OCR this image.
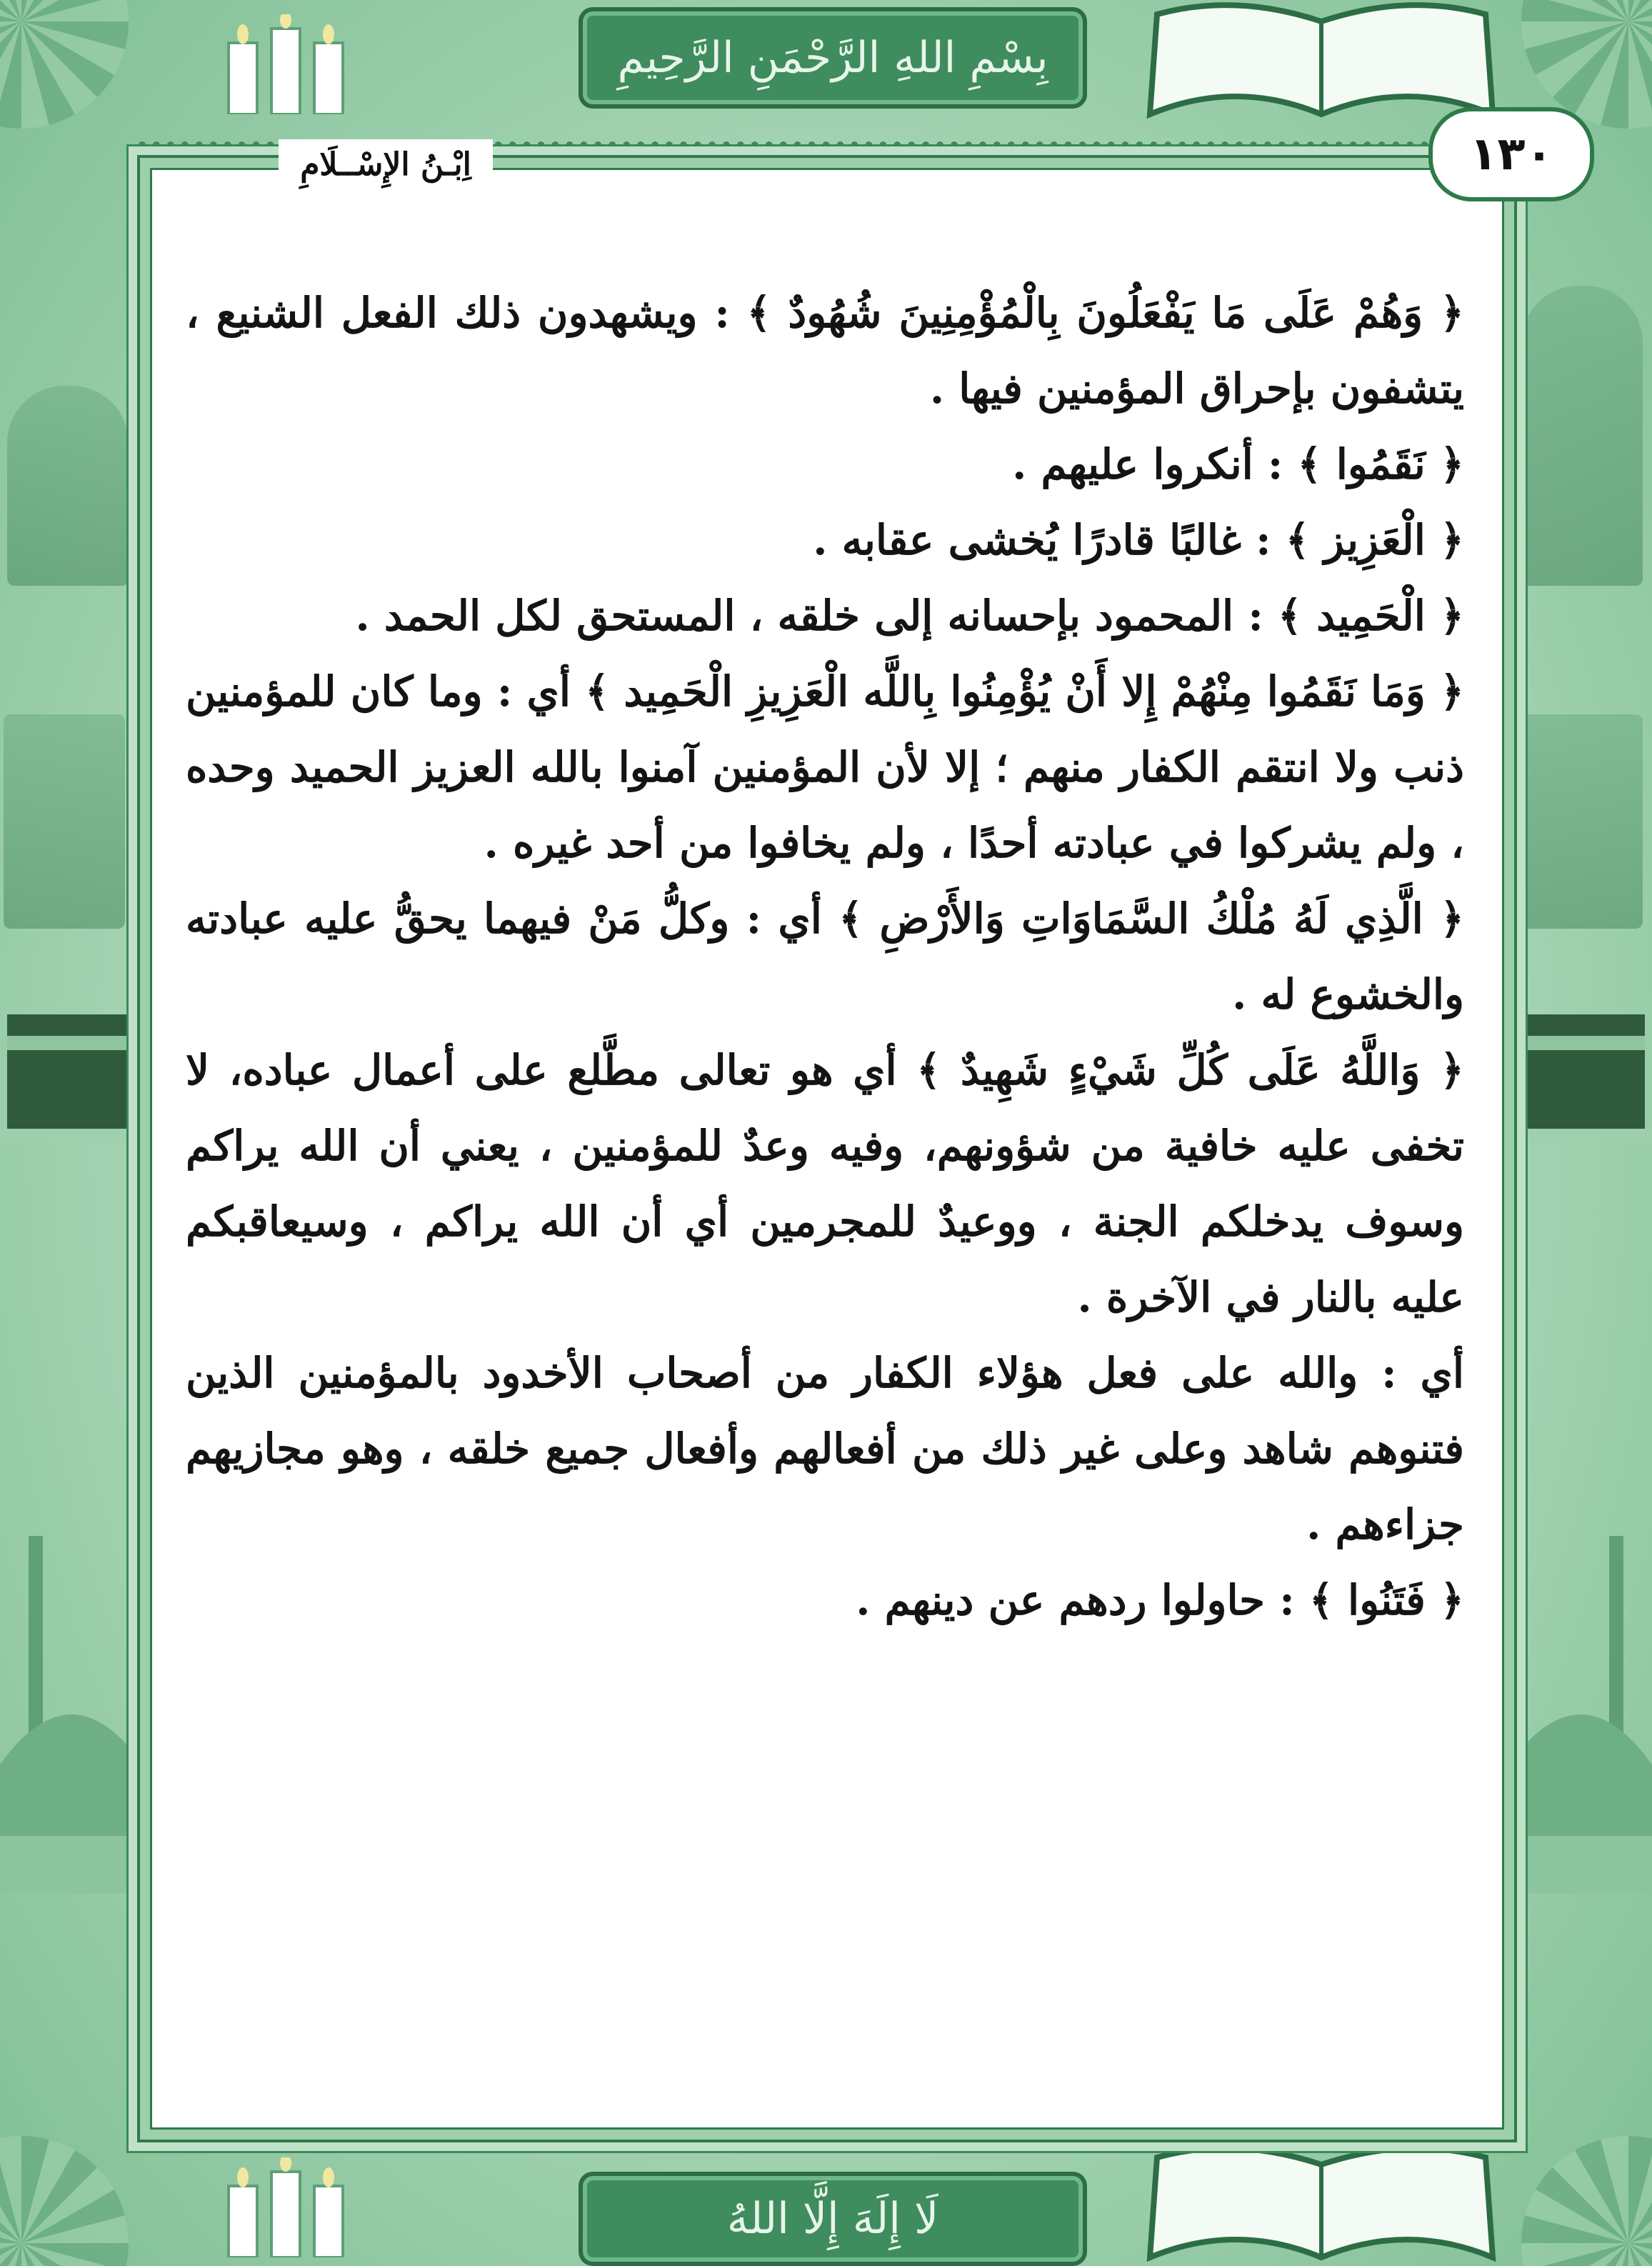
بِسْمِ اللهِ الرَّحْمَنِ الرَّحِيمِ
لَا إِلَهَ إِلَّا اللهُ
اِبْـنُ الإِسْــلَامِ	١٣٠

﴿ وَهُمْ عَلَى مَا يَفْعَلُونَ بِالْمُؤْمِنِينَ شُهُودٌ ﴾ : ويشهدون ذلك الفعل الشنيع ، يتشفون بإحراق المؤمنين فيها .

﴿ نَقَمُوا ﴾ : أنكروا عليهم .

﴿ الْعَزِيز ﴾ : غالبًا قادرًا يُخشى عقابه .

﴿ الْحَمِيد ﴾ : المحمود بإحسانه إلى خلقه ، المستحق لكل الحمد .

﴿ وَمَا نَقَمُوا مِنْهُمْ إِلا أَنْ يُؤْمِنُوا بِاللَّه الْعَزِيزِ الْحَمِيد ﴾ أي : وما كان للمؤمنين ذنب ولا انتقم الكفار منهم ؛ إلا لأن المؤمنين آمنوا بالله العزيز الحميد وحده ، ولم يشركوا في عبادته أحدًا ، ولم يخافوا من أحد غيره .

﴿ الَّذِي لَهُ مُلْكُ السَّمَاوَاتِ وَالأَرْضِ ﴾ أي : وكلُّ مَنْ فيهما يحقُّ عليه عبادته والخشوع له .

﴿ وَاللَّهُ عَلَى كُلِّ شَيْءٍ شَهِيدٌ ﴾ أي هو تعالى مطَّلع على أعمال عباده، لا تخفى عليه خافية من شؤونهم، وفيه وعدٌ للمؤمنين ، يعني أن الله يراكم وسوف يدخلكم الجنة ، ووعيدٌ للمجرمين أي أن الله يراكم ، وسيعاقبكم عليه بالنار في الآخرة .

أي : والله على فعل هؤلاء الكفار من أصحاب الأخدود بالمؤمنين الذين فتنوهم شاهد وعلى غير ذلك من أفعالهم وأفعال جميع خلقه ، وهو مجازيهم جزاءهم .

﴿ فَتَنُوا ﴾ : حاولوا ردهم عن دينهم .
